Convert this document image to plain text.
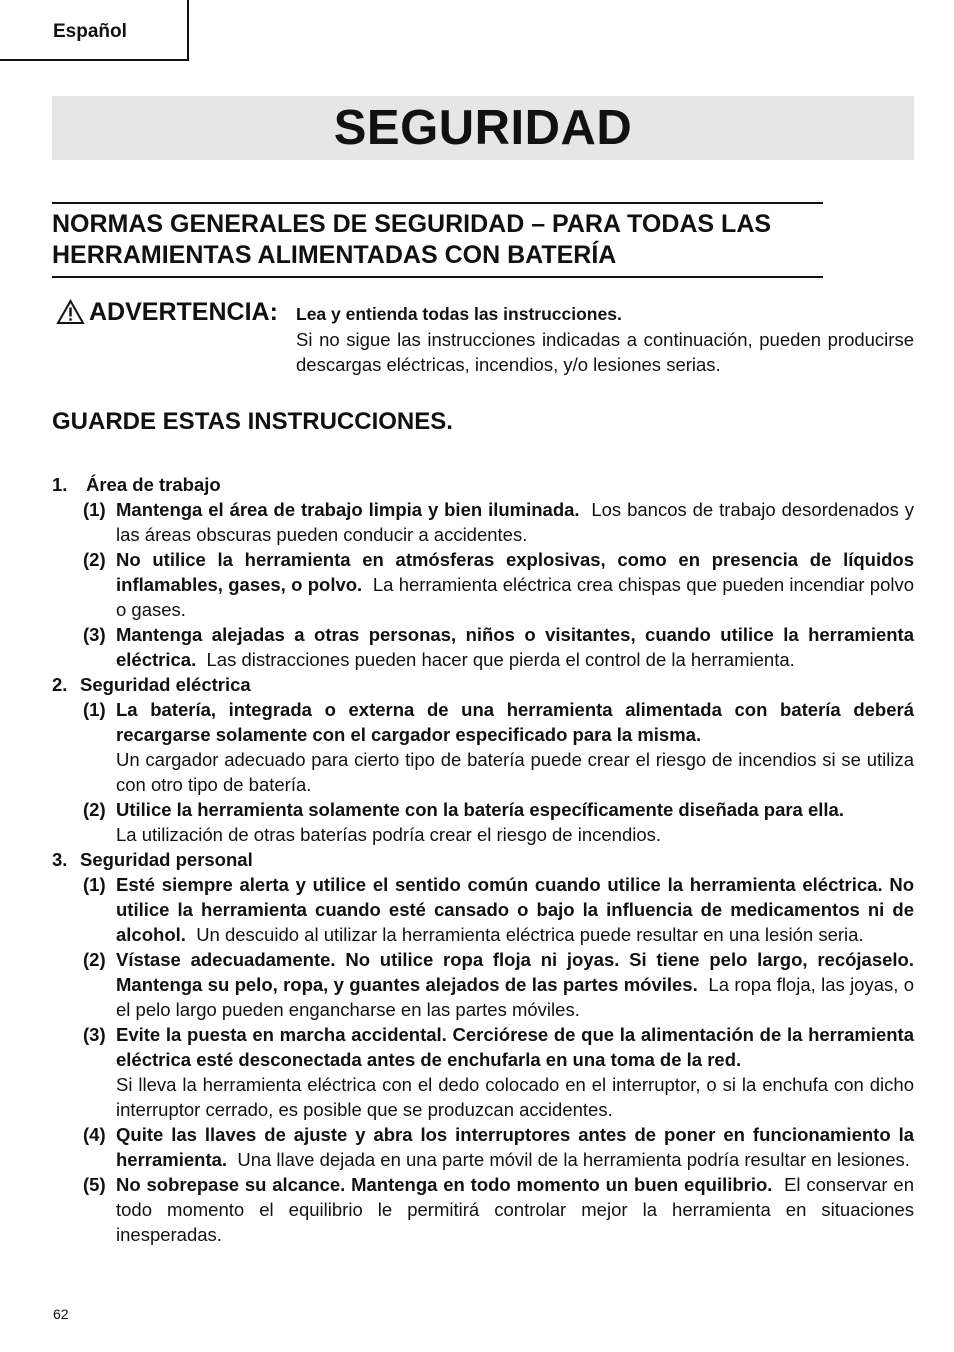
Español
SEGURIDAD
NORMAS GENERALES DE SEGURIDAD – PARA TODAS LAS HERRAMIENTAS ALIMENTADAS CON BATERÍA
ADVERTENCIA: Lea y entienda todas las instrucciones.
Si no sigue las instrucciones indicadas a continuación, pueden producirse descargas eléctricas, incendios, y/o lesiones serias.
GUARDE ESTAS INSTRUCCIONES.
1. Área de trabajo
(1) Mantenga el área de trabajo limpia y bien iluminada. Los bancos de trabajo desordenados y las áreas obscuras pueden conducir a accidentes.
(2) No utilice la herramienta en atmósferas explosivas, como en presencia de líquidos inflamables, gases, o polvo. La herramienta eléctrica crea chispas que pueden incendiar polvo o gases.
(3) Mantenga alejadas a otras personas, niños o visitantes, cuando utilice la herramienta eléctrica. Las distracciones pueden hacer que pierda el control de la herramienta.
2. Seguridad eléctrica
(1) La batería, integrada o externa de una herramienta alimentada con batería deberá recargarse solamente con el cargador especificado para la misma.
Un cargador adecuado para cierto tipo de batería puede crear el riesgo de incendios si se utiliza con otro tipo de batería.
(2) Utilice la herramienta solamente con la batería específicamente diseñada para ella.
La utilización de otras baterías podría crear el riesgo de incendios.
3. Seguridad personal
(1) Esté siempre alerta y utilice el sentido común cuando utilice la herramienta eléctrica. No utilice la herramienta cuando esté cansado o bajo la influencia de medicamentos ni de alcohol. Un descuido al utilizar la herramienta eléctrica puede resultar en una lesión seria.
(2) Vístase adecuadamente. No utilice ropa floja ni joyas. Si tiene pelo largo, recójaselo. Mantenga su pelo, ropa, y guantes alejados de las partes móviles. La ropa floja, las joyas, o el pelo largo pueden engancharse en las partes móviles.
(3) Evite la puesta en marcha accidental. Cerciórese de que la alimentación de la herramienta eléctrica esté desconectada antes de enchufarla en una toma de la red.
Si lleva la herramienta eléctrica con el dedo colocado en el interruptor, o si la enchufa con dicho interruptor cerrado, es posible que se produzcan accidentes.
(4) Quite las llaves de ajuste y abra los interruptores antes de poner en funcionamiento la herramienta. Una llave dejada en una parte móvil de la herramienta podría resultar en lesiones.
(5) No sobrepase su alcance. Mantenga en todo momento un buen equilibrio. El conservar en todo momento el equilibrio le permitirá controlar mejor la herramienta en situaciones inesperadas.
62
